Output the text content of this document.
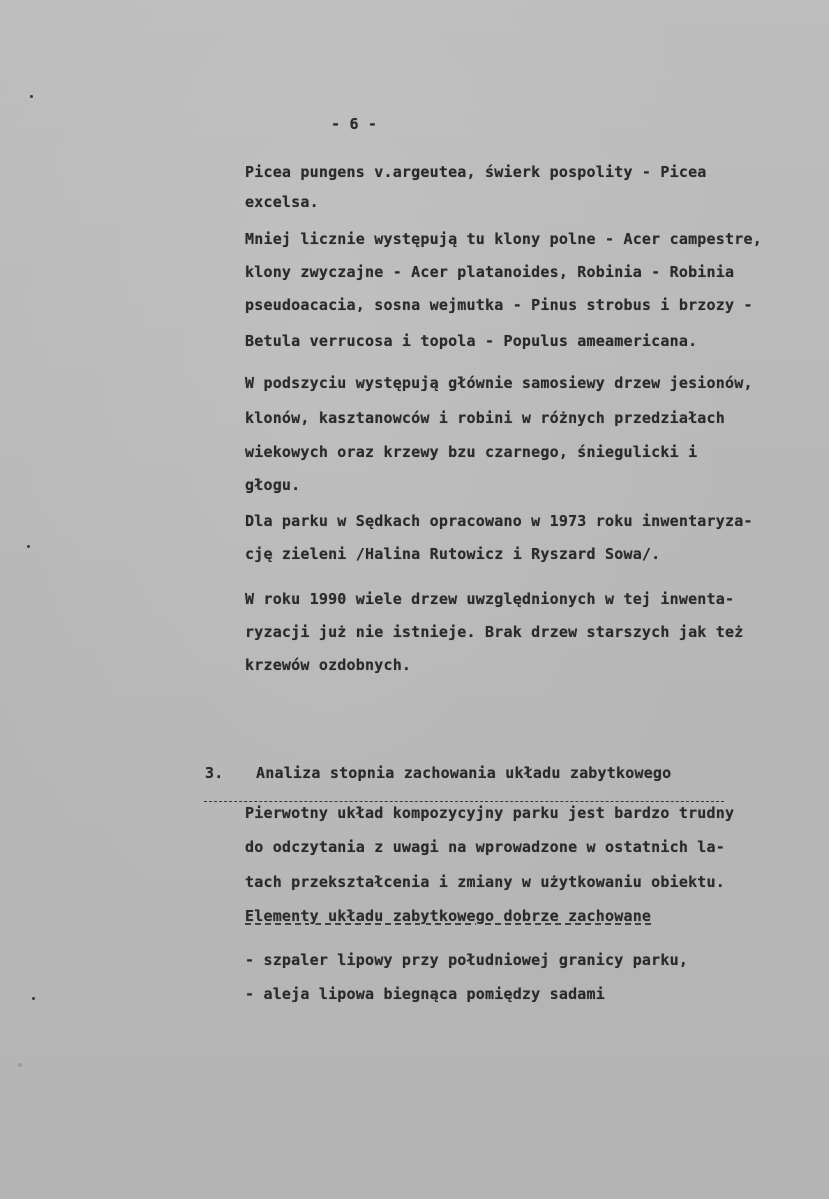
- 6 -
Picea pungens v.argeutea, świerk pospolity - Picea
excelsa.
Mniej licznie występują tu klony polne - Acer campestre,
klony zwyczajne - Acer platanoides, Robinia - Robinia
pseudoacacia, sosna wejmutka - Pinus strobus i brzozy -
Betula verrucosa i topola - Populus ameamericana.
W podszyciu występują głównie samosiewy drzew jesionów,
klonów, kasztanowców i robini w różnych przedziałach
wiekowych oraz krzewy bzu czarnego, śniegulicki i
głogu.
Dla parku w Sędkach opracowano w 1973 roku inwentaryza-
cję zieleni /Halina Rutowicz i Ryszard Sowa/.
W roku 1990 wiele drzew uwzględnionych w tej inwenta-
ryzacji już nie istnieje. Brak drzew starszych jak też
krzewów ozdobnych.
3. Analiza stopnia zachowania układu zabytkowego
Pierwotny układ kompozycyjny parku jest bardzo trudny
do odczytania z uwagi na wprowadzone w ostatnich la-
tach przekształcenia i zmiany w użytkowaniu obiektu.
Elementy układu zabytkowego dobrze zachowane
- szpaler lipowy przy południowej granicy parku,
- aleja lipowa biegnąca pomiędzy sadami
